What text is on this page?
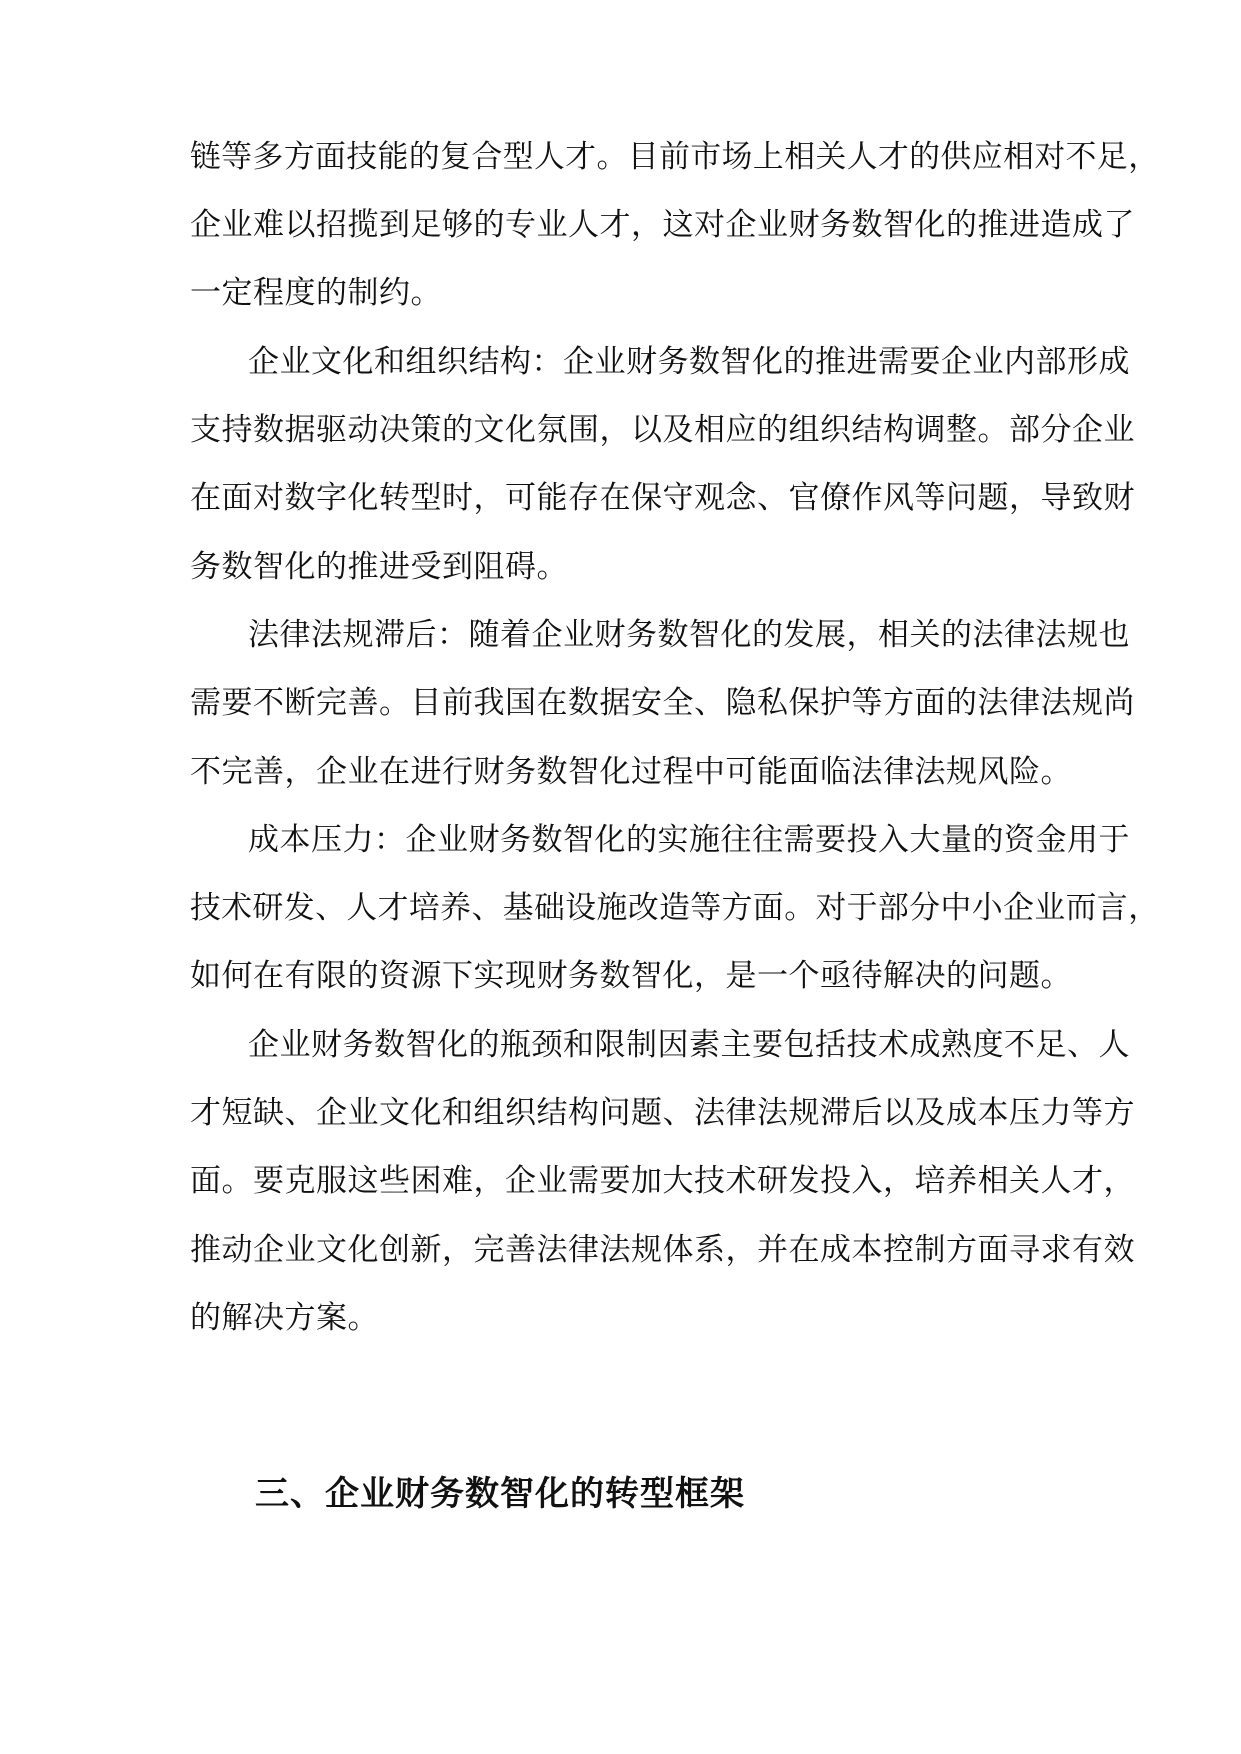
链等多方面技能的复合型人才。目前市场上相关人才的供应相对不足，

企业难以招揽到足够的专业人才，这对企业财务数智化的推进造成了

一定程度的制约。

企业文化和组织结构：企业财务数智化的推进需要企业内部形成

支持数据驱动决策的文化氛围，以及相应的组织结构调整。部分企业

在面对数字化转型时，可能存在保守观念、官僚作风等问题，导致财

务数智化的推进受到阻碍。

法律法规滞后：随着企业财务数智化的发展，相关的法律法规也

需要不断完善。目前我国在数据安全、隐私保护等方面的法律法规尚

不完善，企业在进行财务数智化过程中可能面临法律法规风险。

成本压力：企业财务数智化的实施往往需要投入大量的资金用于

技术研发、人才培养、基础设施改造等方面。对于部分中小企业而言，

如何在有限的资源下实现财务数智化，是一个亟待解决的问题。

企业财务数智化的瓶颈和限制因素主要包括技术成熟度不足、人

才短缺、企业文化和组织结构问题、法律法规滞后以及成本压力等方

面。要克服这些困难，企业需要加大技术研发投入，培养相关人才，

推动企业文化创新，完善法律法规体系，并在成本控制方面寻求有效

的解决方案。

三、企业财务数智化的转型框架
